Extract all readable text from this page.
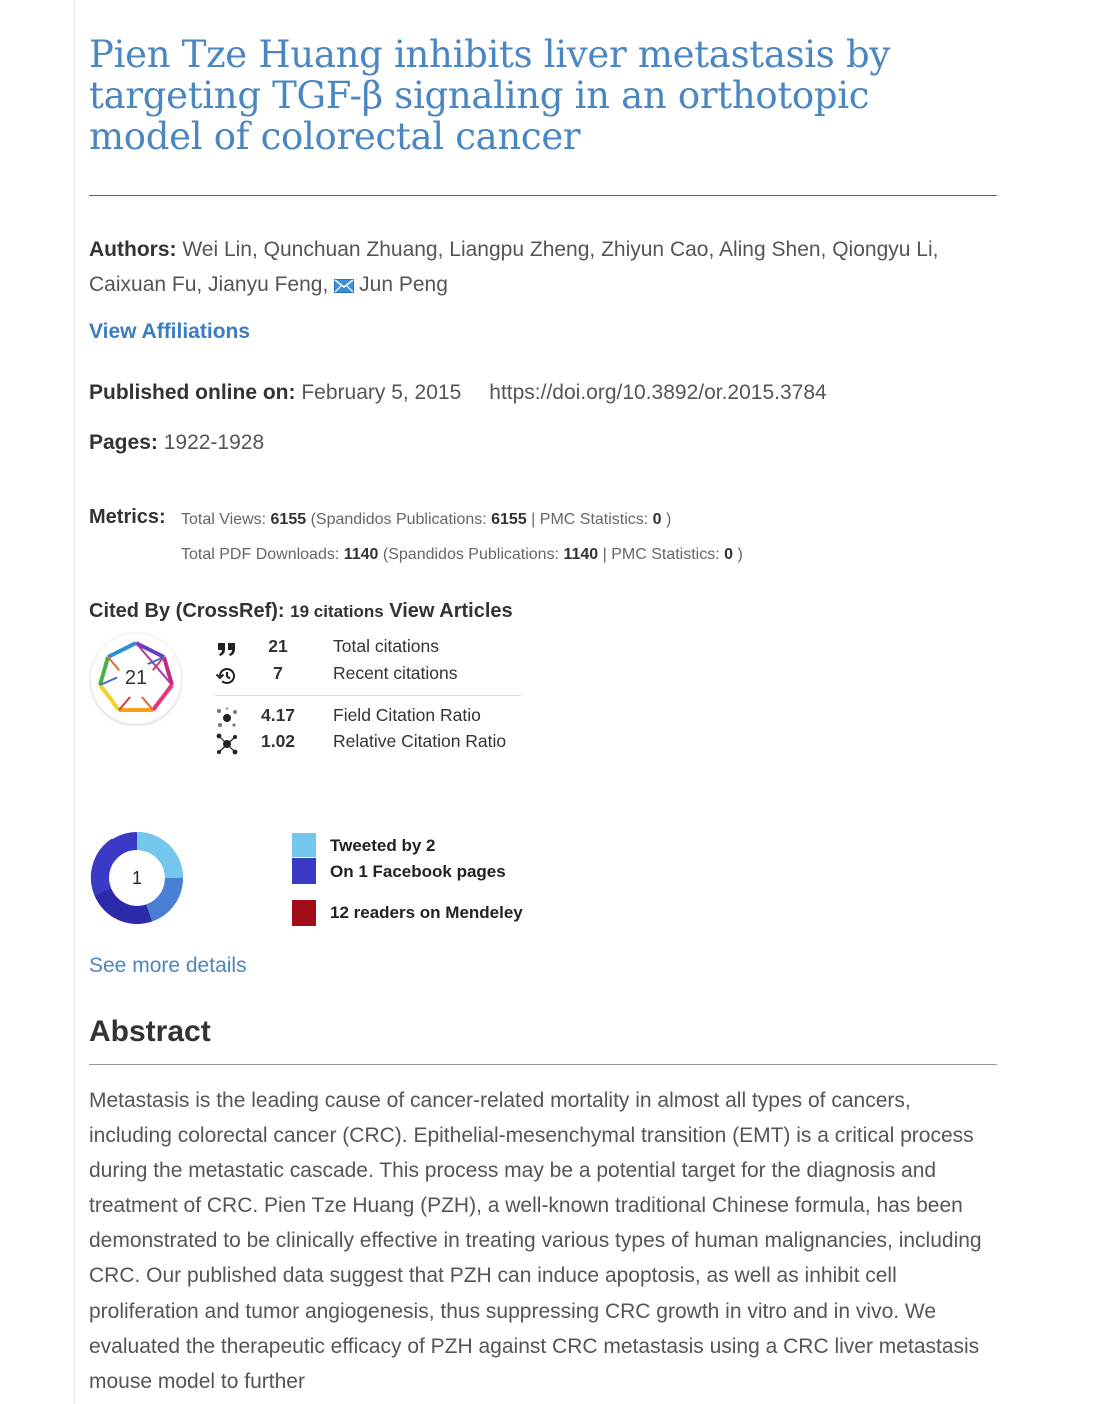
Pien Tze Huang inhibits liver metastasis by targeting TGF-β signaling in an orthotopic model of colorectal cancer
Authors: Wei Lin, Qunchuan Zhuang, Liangpu Zheng, Zhiyun Cao, Aling Shen, Qiongyu Li, Caixuan Fu, Jianyu Feng, Jun Peng
View Affiliations
Published online on: February 5, 2015 https://doi.org/10.3892/or.2015.3784
Pages: 1922-1928
Metrics: Total Views: 6155 (Spandidos Publications: 6155 | PMC Statistics: 0 )
Total PDF Downloads: 1140 (Spandidos Publications: 1140 | PMC Statistics: 0 )
Cited By (CrossRef): 19 citations View Articles
21
21	Total citations
7	Recent citations
4.17	Field Citation Ratio
1.02	Relative Citation Ratio
1
Tweeted by 2
On 1 Facebook pages
12 readers on Mendeley
See more details
Abstract

Metastasis is the leading cause of cancer-related mortality in almost all types of cancers, including colorectal cancer (CRC). Epithelial-mesenchymal transition (EMT) is a critical process during the metastatic cascade. This process may be a potential target for the diagnosis and treatment of CRC. Pien Tze Huang (PZH), a well-known traditional Chinese formula, has been demonstrated to be clinically effective in treating various types of human malignancies, including CRC. Our published data suggest that PZH can induce apoptosis, as well as inhibit cell proliferation and tumor angiogenesis, thus suppressing CRC growth in vitro and in vivo. We evaluated the therapeutic efficacy of PZH against CRC metastasis using a CRC liver metastasis mouse model to further
